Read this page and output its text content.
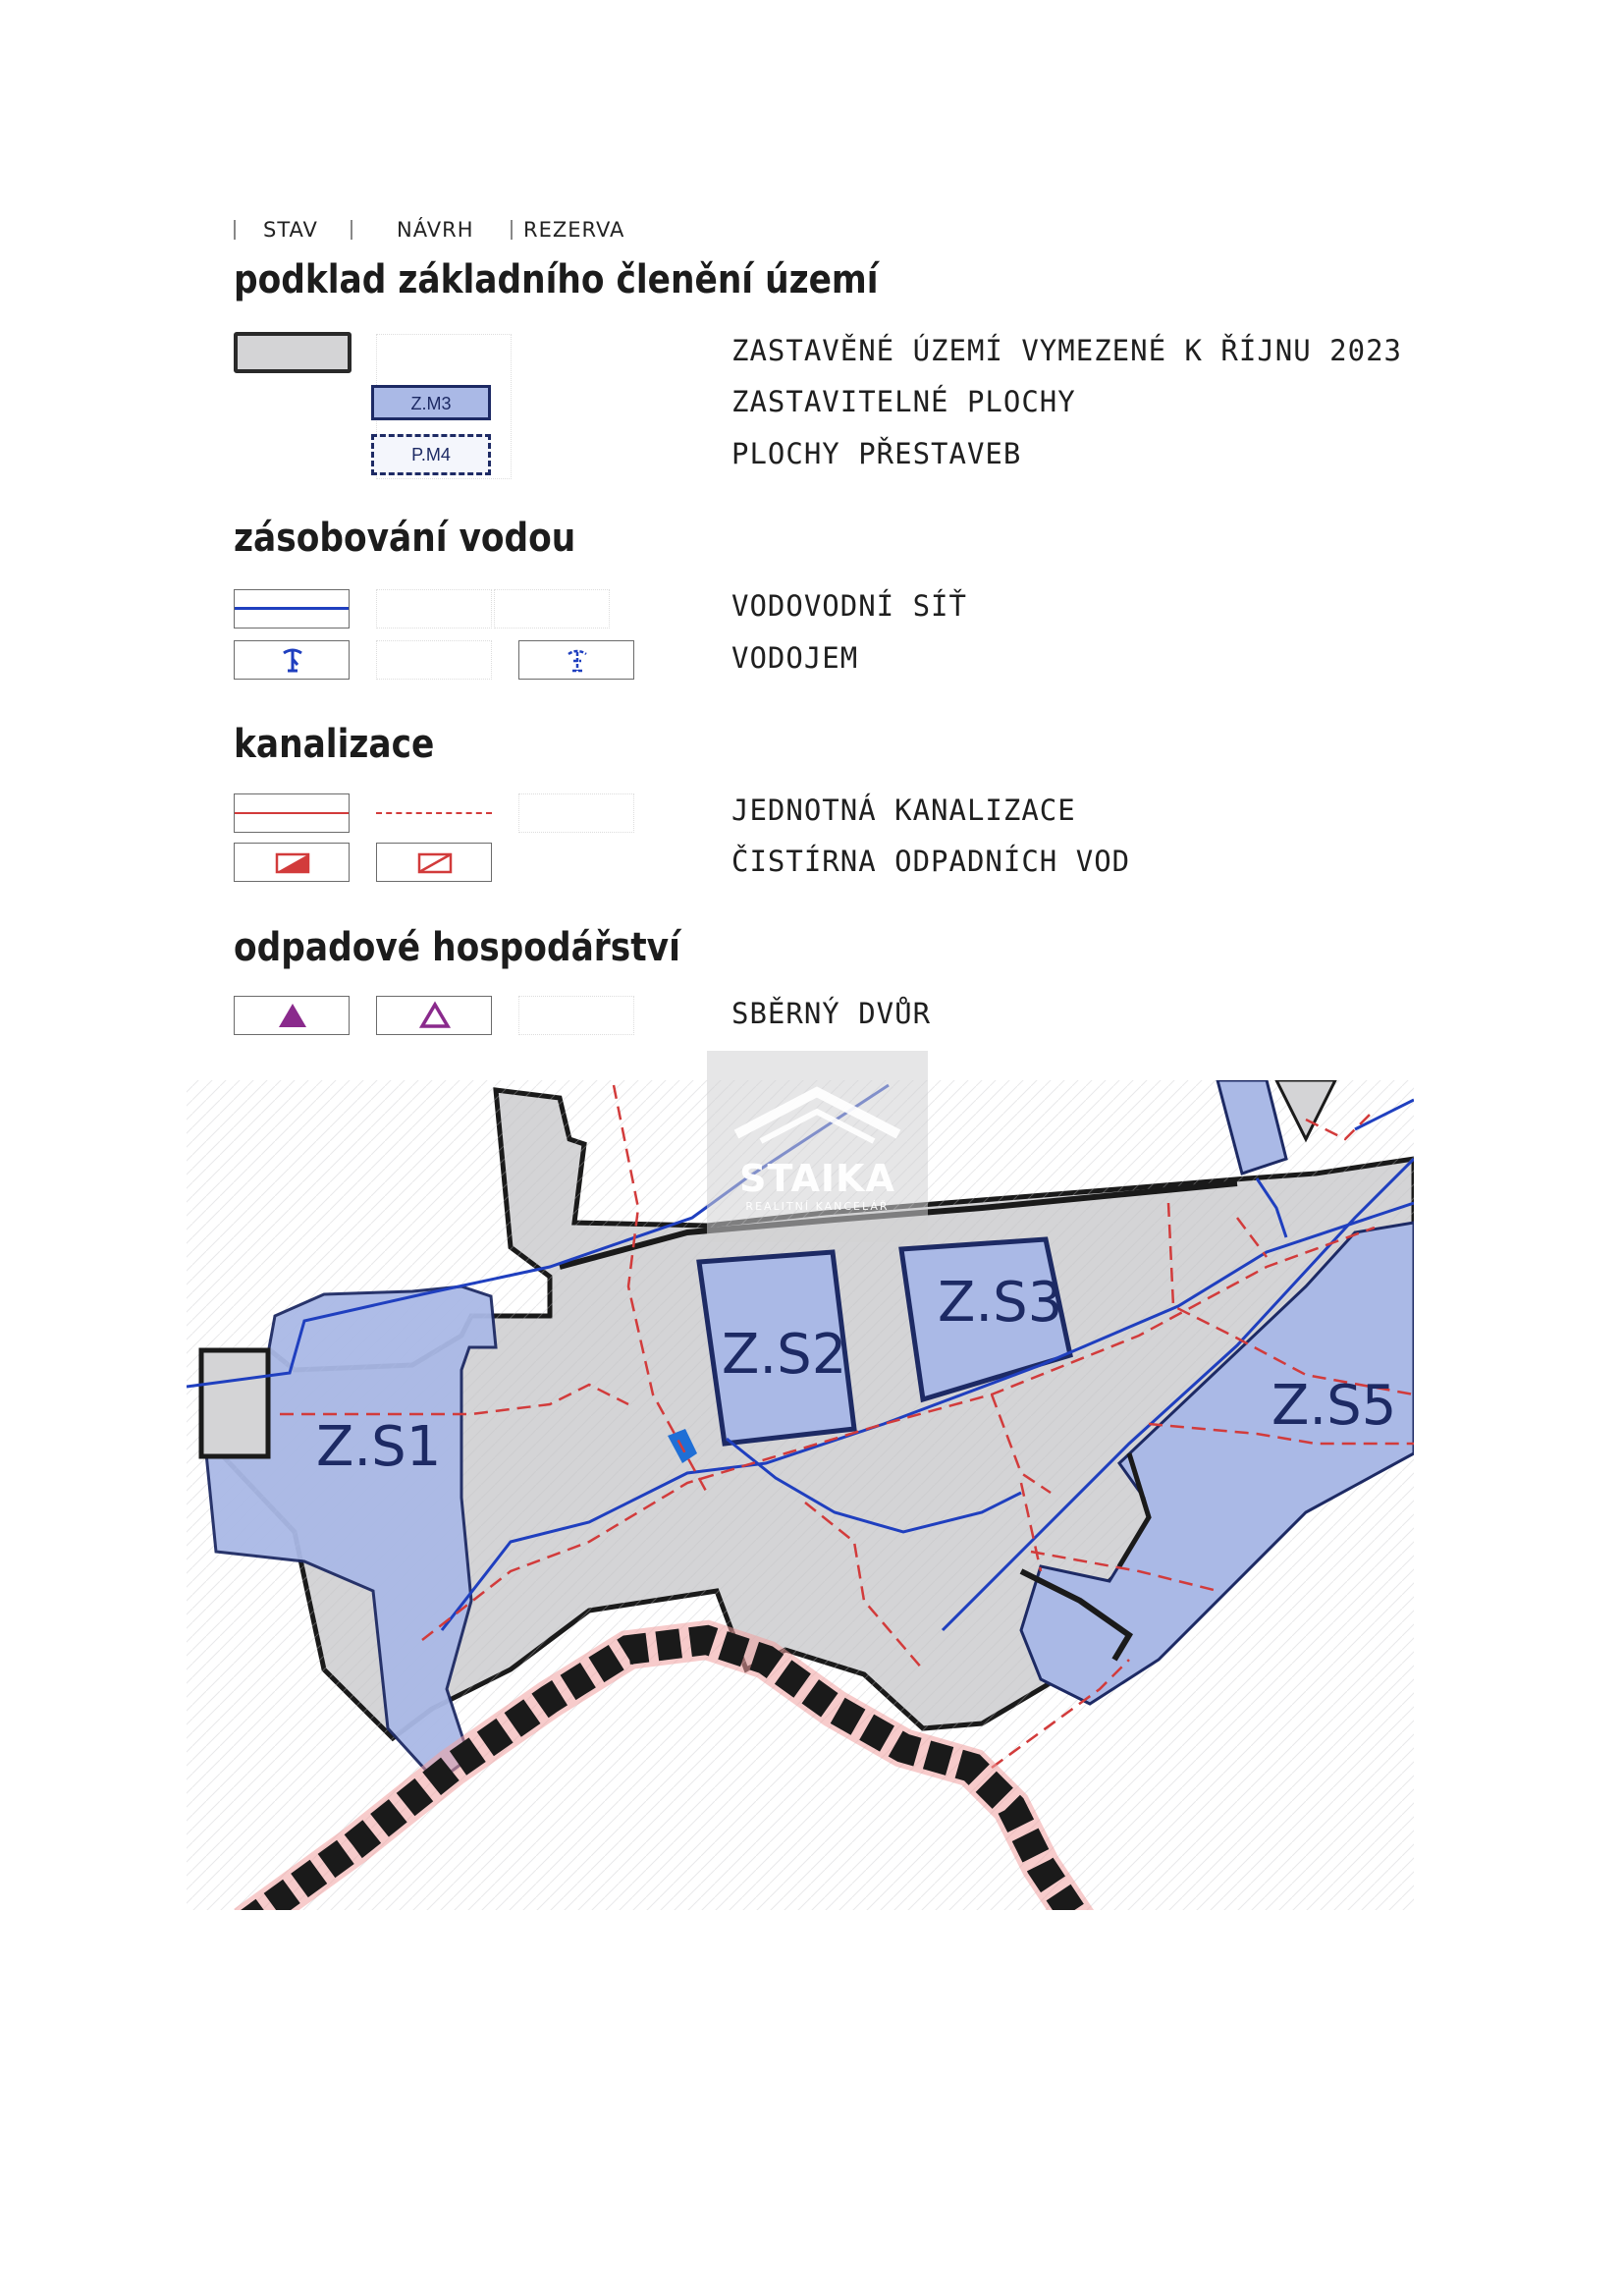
STAV	NÁVRH REZERVA
podklad základního členění území
Z.M3
P.M4
ZASTAVĚNÉ ÚZEMÍ VYMEZENÉ K ŘÍJNU 2023
ZASTAVITELNÉ PLOCHY
PLOCHY PŘESTAVEB
zásobování vodou
VODOVODNÍ SÍŤ
VODOJEM
kanalizace
JEDNOTNÁ KANALIZACE
ČISTÍRNA ODPADNÍCH VOD
odpadové hospodářství
SBĚRNÝ DVŮR
Z.S1
Z.S2
Z.S3
Z.S5
STAIKA
REALITNÍ KANCELÁŘ
